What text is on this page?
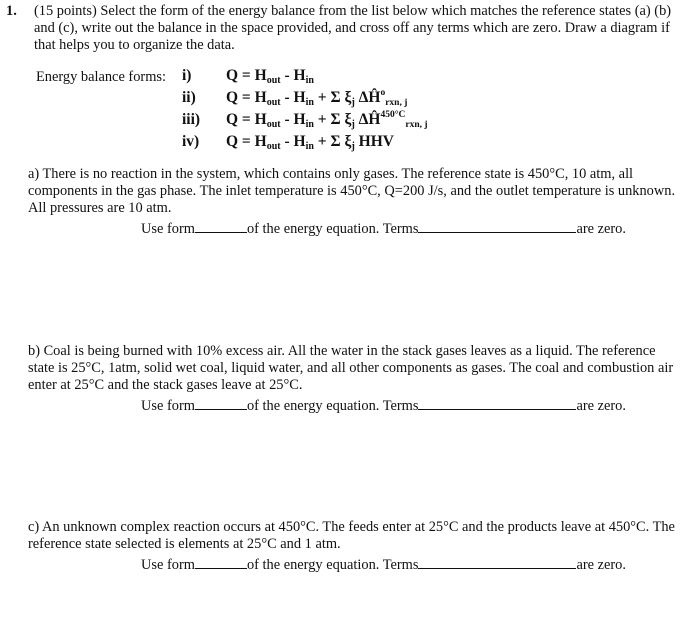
1. (15 points) Select the form of the energy balance from the list below which matches the reference states (a) (b) and (c), write out the balance in the space provided, and cross off any terms which are zero. Draw a diagram if that helps you to organize the data.
Energy balance forms: i) $Q = H_{out} - H_{in}$
ii) $Q = H_{out} - H_{in} + \Sigma$ $\xi_j$ $\Delta Ĥ^orxn$, j
iii) $Q = H_{out} - H_{in} + \Sigma$ $\xi_j$ $\Delta Ĥ^{450^\circ C}rxn$, j
iv) $Q = H_{out} - H_{in} + \Sigma$ $\xi_j$ HHV
a) There is no reaction in the system, which contains only gases. The reference state is 450°C, 10 atm, all components in the gas phase. The inlet temperature is 450°C, Q=200 J/s, and the outlet temperature is unknown. All pressures are 10 atm.
Use form	of the energy equation. Terms	are zero.
b) Coal is being burned with 10% excess air. All the water in the stack gases leaves as a liquid. The reference state is 25°C, 1atm, solid wet coal, liquid water, and all other components as gases. The coal and combustion air enter at 25°C and the stack gases leave at 25°C.
Use form	of the energy equation. Terms	are zero.
c) An unknown complex reaction occurs at 450°C. The feeds enter at 25°C and the products leave at 450°C. The reference state selected is elements at 25°C and 1 atm.
Use form	of the energy equation. Terms	are zero.
